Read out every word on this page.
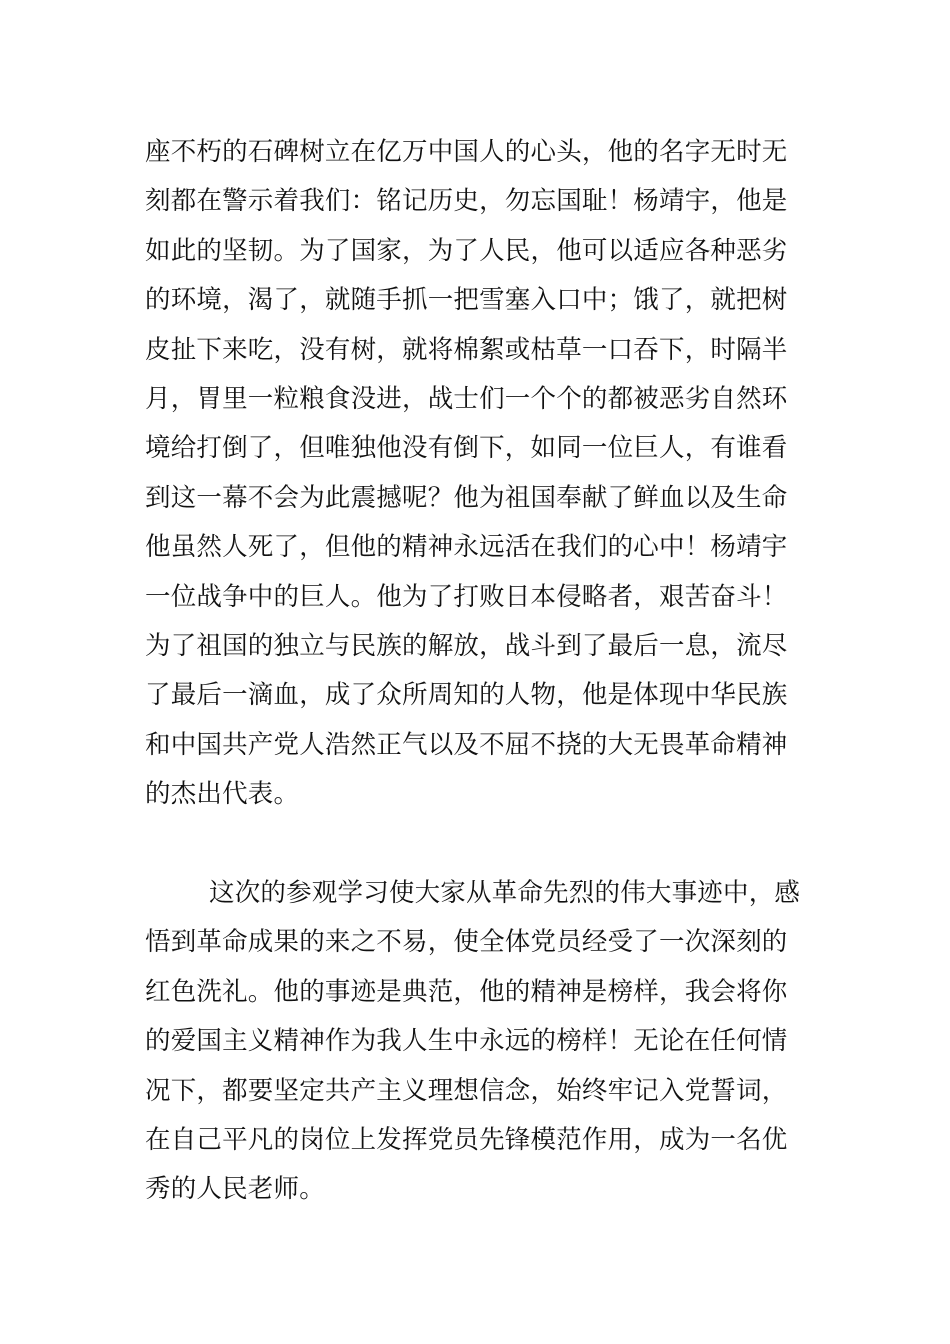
座不朽的石碑树立在亿万中国人的心头，他的名字无时无
刻都在警示着我们：铭记历史，勿忘国耻！杨靖宇，他是
如此的坚韧。为了国家，为了人民，他可以适应各种恶劣
的环境，渴了，就随手抓一把雪塞入口中；饿了，就把树
皮扯下来吃，没有树，就将棉絮或枯草一口吞下，时隔半
月，胃里一粒粮食没进，战士们一个个的都被恶劣自然环
境给打倒了，但唯独他没有倒下，如同一位巨人，有谁看
到这一幕不会为此震撼呢？他为祖国奉献了鲜血以及生命
他虽然人死了，但他的精神永远活在我们的心中！杨靖宇
一位战争中的巨人。他为了打败日本侵略者，艰苦奋斗！
为了祖国的独立与民族的解放，战斗到了最后一息，流尽
了最后一滴血，成了众所周知的人物，他是体现中华民族
和中国共产党人浩然正气以及不屈不挠的大无畏革命精神
的杰出代表。
这次的参观学习使大家从革命先烈的伟大事迹中，感
悟到革命成果的来之不易，使全体党员经受了一次深刻的
红色洗礼。他的事迹是典范，他的精神是榜样，我会将你
的爱国主义精神作为我人生中永远的榜样！无论在任何情
况下，都要坚定共产主义理想信念，始终牢记入党誓词，
在自己平凡的岗位上发挥党员先锋模范作用，成为一名优
秀的人民老师。
